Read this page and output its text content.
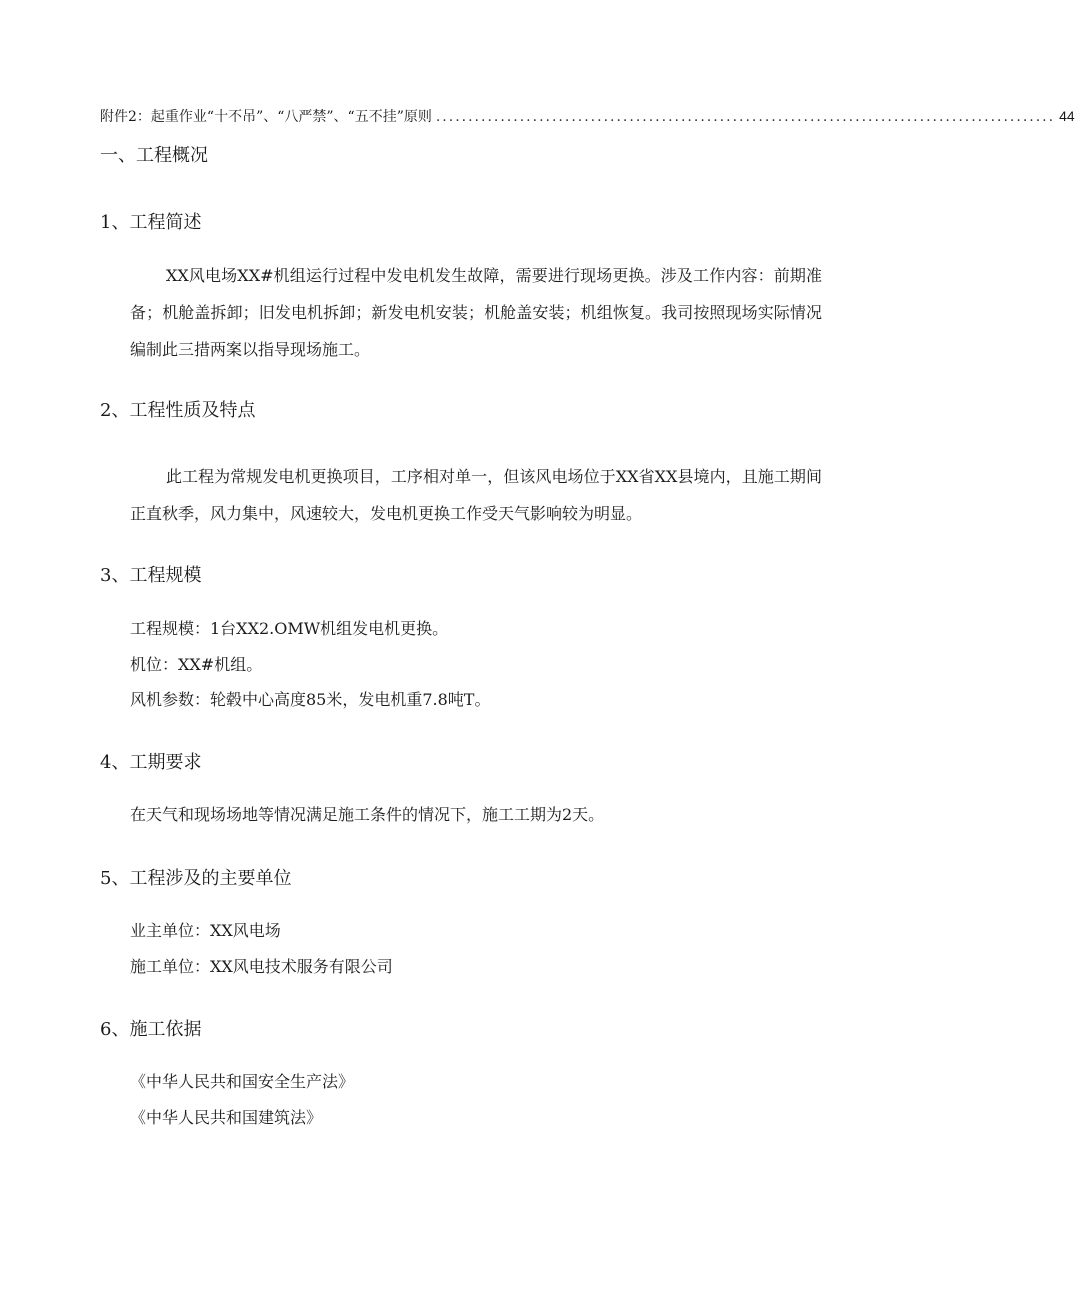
附件2：起重作业“十不吊”、“八严禁”、“五不挂”原则 ................................................................................................ 44
一、工程概况
1、工程简述
XX风电场XX#机组运行过程中发电机发生故障，需要进行现场更换。涉及工作内容：前期准备；机舱盖拆卸；旧发电机拆卸；新发电机安装；机舱盖安装；机组恢复。我司按照现场实际情况编制此三措两案以指导现场施工。
2、工程性质及特点
此工程为常规发电机更换项目，工序相对单一，但该风电场位于XX省XX县境内，且施工期间正直秋季，风力集中，风速较大，发电机更换工作受天气影响较为明显。
3、工程规模
工程规模：1台XX2.OMW机组发电机更换。
机位：XX#机组。
风机参数：轮毂中心高度85米，发电机重7.8吨T。
4、工期要求
在天气和现场场地等情况满足施工条件的情况下，施工工期为2天。
5、工程涉及的主要单位
业主单位：XX风电场
施工单位：XX风电技术服务有限公司
6、施工依据
《中华人民共和国安全生产法》
《中华人民共和国建筑法》
